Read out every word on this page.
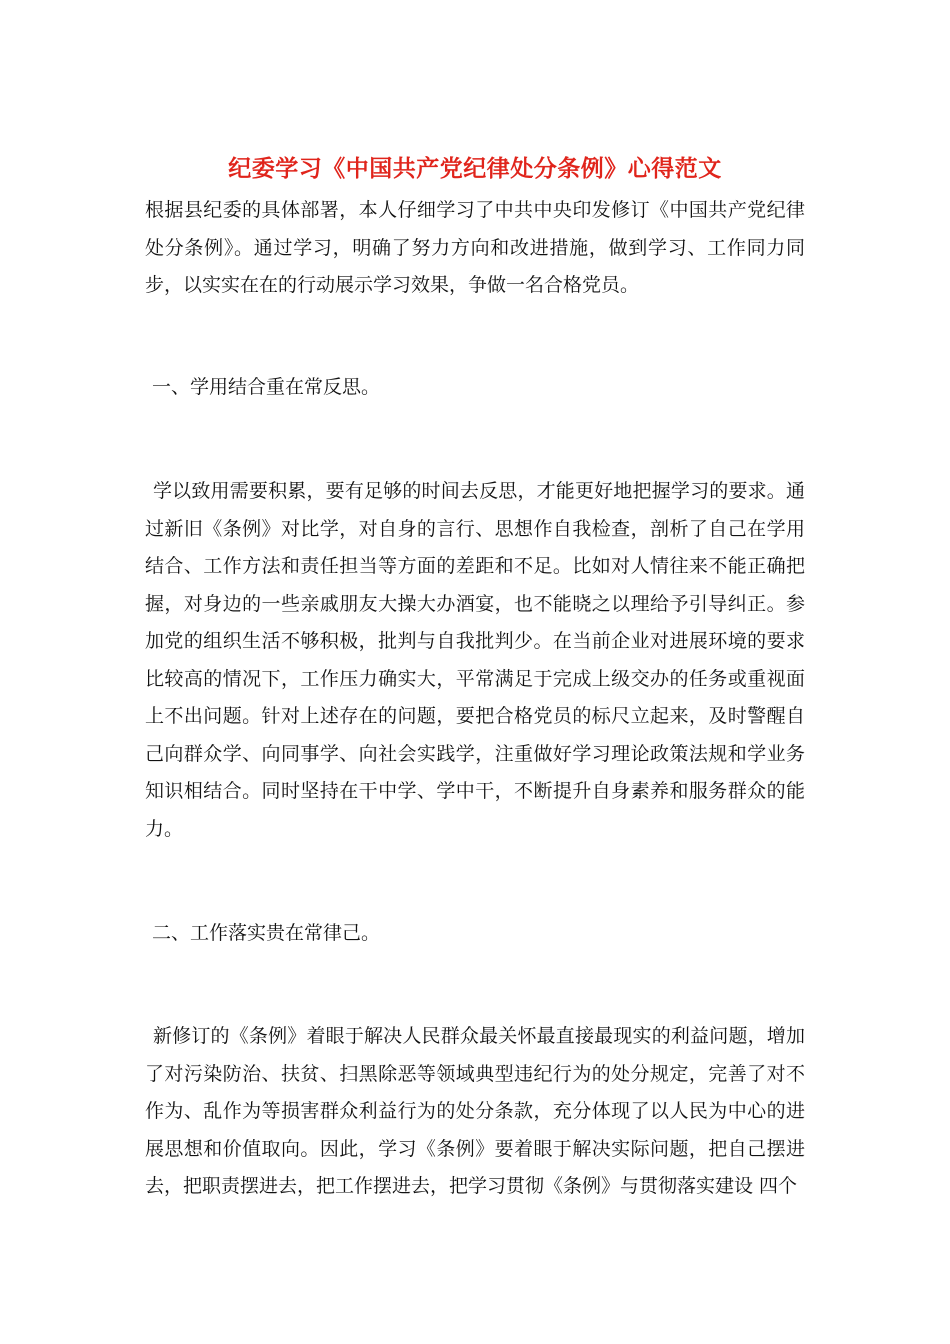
纪委学习《中国共产党纪律处分条例》心得范文

根据县纪委的具体部署，本人仔细学习了中共中央印发修订《中国共产党纪律处分条例》。通过学习，明确了努力方向和改进措施，做到学习、工作同力同步，以实实在在的行动展示学习效果，争做一名合格党员。

一、学用结合重在常反思。

学以致用需要积累，要有足够的时间去反思，才能更好地把握学习的要求。通过新旧《条例》对比学，对自身的言行、思想作自我检查，剖析了自己在学用结合、工作方法和责任担当等方面的差距和不足。比如对人情往来不能正确把握，对身边的一些亲戚朋友大操大办酒宴，也不能晓之以理给予引导纠正。参加党的组织生活不够积极，批判与自我批判少。在当前企业对进展环境的要求比较高的情况下，工作压力确实大，平常满足于完成上级交办的任务或重视面上不出问题。针对上述存在的问题，要把合格党员的标尺立起来，及时警醒自己向群众学、向同事学、向社会实践学，注重做好学习理论政策法规和学业务知识相结合。同时坚持在干中学、学中干，不断提升自身素养和服务群众的能力。

二、工作落实贵在常律己。

新修订的《条例》着眼于解决人民群众最关怀最直接最现实的利益问题，增加了对污染防治、扶贫、扫黑除恶等领域典型违纪行为的处分规定，完善了对不作为、乱作为等损害群众利益行为的处分条款，充分体现了以人民为中心的进展思想和价值取向。因此，学习《条例》要着眼于解决实际问题，把自己摆进去，把职责摆进去，把工作摆进去，把学习贯彻《条例》与贯彻落实建设 四个
